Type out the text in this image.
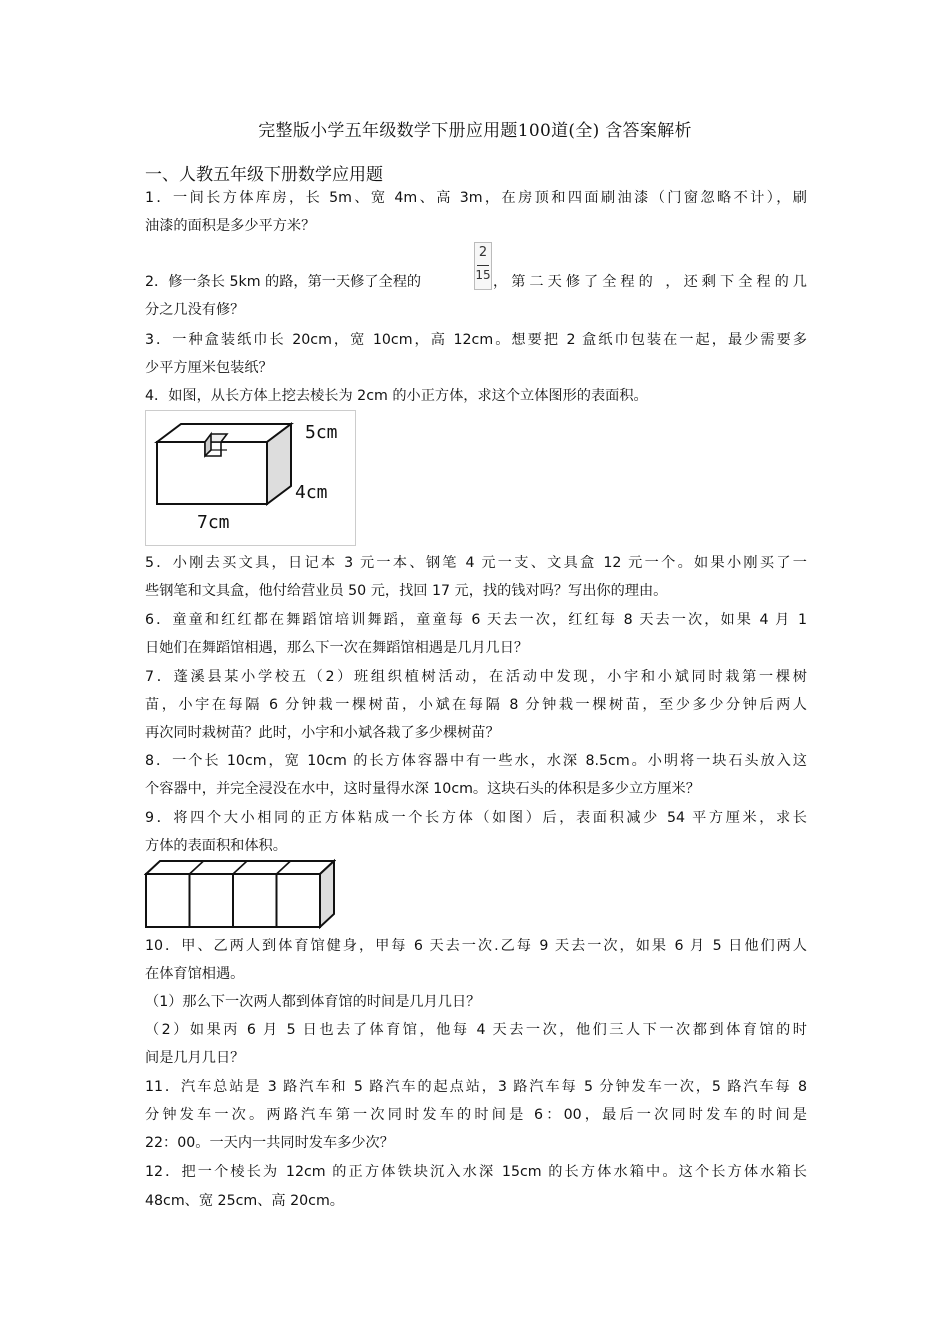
完整版小学五年级数学下册应用题100道(全) 含答案解析
一、人教五年级下册数学应用题
1．一间长方体库房，长 5m、宽 4m、高 3m，在房顶和四面刷油漆（门窗忽略不计），刷
油漆的面积是多少平方米？
2．修一条长 5km 的路，第一天修了全程的
2
15 ，第二天修了全程的 ，还剩下全程的几
分之几没有修？
3．一种盒装纸巾长 20cm，宽 10cm，高 12cm。想要把 2 盒纸巾包装在一起，最少需要多
少平方厘米包装纸？
4．如图，从长方体上挖去棱长为 2cm 的小正方体，求这个立体图形的表面积。
5cm
4cm
7cm
5．小刚去买文具，日记本 3 元一本、钢笔 4 元一支、文具盒 12 元一个。如果小刚买了一
些钢笔和文具盒，他付给营业员 50 元，找回 17 元，找的钱对吗？写出你的理由。
6．童童和红红都在舞蹈馆培训舞蹈，童童每 6 天去一次，红红每 8 天去一次，如果 4 月 1
日她们在舞蹈馆相遇，那么下一次在舞蹈馆相遇是几月几日？
7．蓬溪县某小学校五（2）班组织植树活动，在活动中发现，小宇和小斌同时栽第一棵树
苗，小宇在每隔 6 分钟栽一棵树苗，小斌在每隔 8 分钟栽一棵树苗，至少多少分钟后两人
再次同时栽树苗？此时，小宇和小斌各栽了多少棵树苗？
8．一个长 10cm，宽 10cm 的长方体容器中有一些水，水深 8.5cm。小明将一块石头放入这
个容器中，并完全浸没在水中，这时量得水深 10cm。这块石头的体积是多少立方厘米？
9．将四个大小相同的正方体粘成一个长方体（如图）后，表面积减少 54 平方厘米，求长
方体的表面积和体积。
10．甲、乙两人到体育馆健身，甲每 6 天去一次.乙每 9 天去一次，如果 6 月 5 日他们两人
在体育馆相遇。
（1）那么下一次两人都到体育馆的时间是几月几日？
（2）如果丙 6 月 5 日也去了体育馆，他每 4 天去一次，他们三人下一次都到体育馆的时
间是几月几日？
11．汽车总站是 3 路汽车和 5 路汽车的起点站，3 路汽车每 5 分钟发车一次，5 路汽车每 8
分钟发车一次。两路汽车第一次同时发车的时间是 6：00，最后一次同时发车的时间是
22：00。一天内一共同时发车多少次？
12．把一个棱长为 12cm 的正方体铁块沉入水深 15cm 的长方体水箱中。这个长方体水箱长
48cm、宽 25cm、高 20cm。
